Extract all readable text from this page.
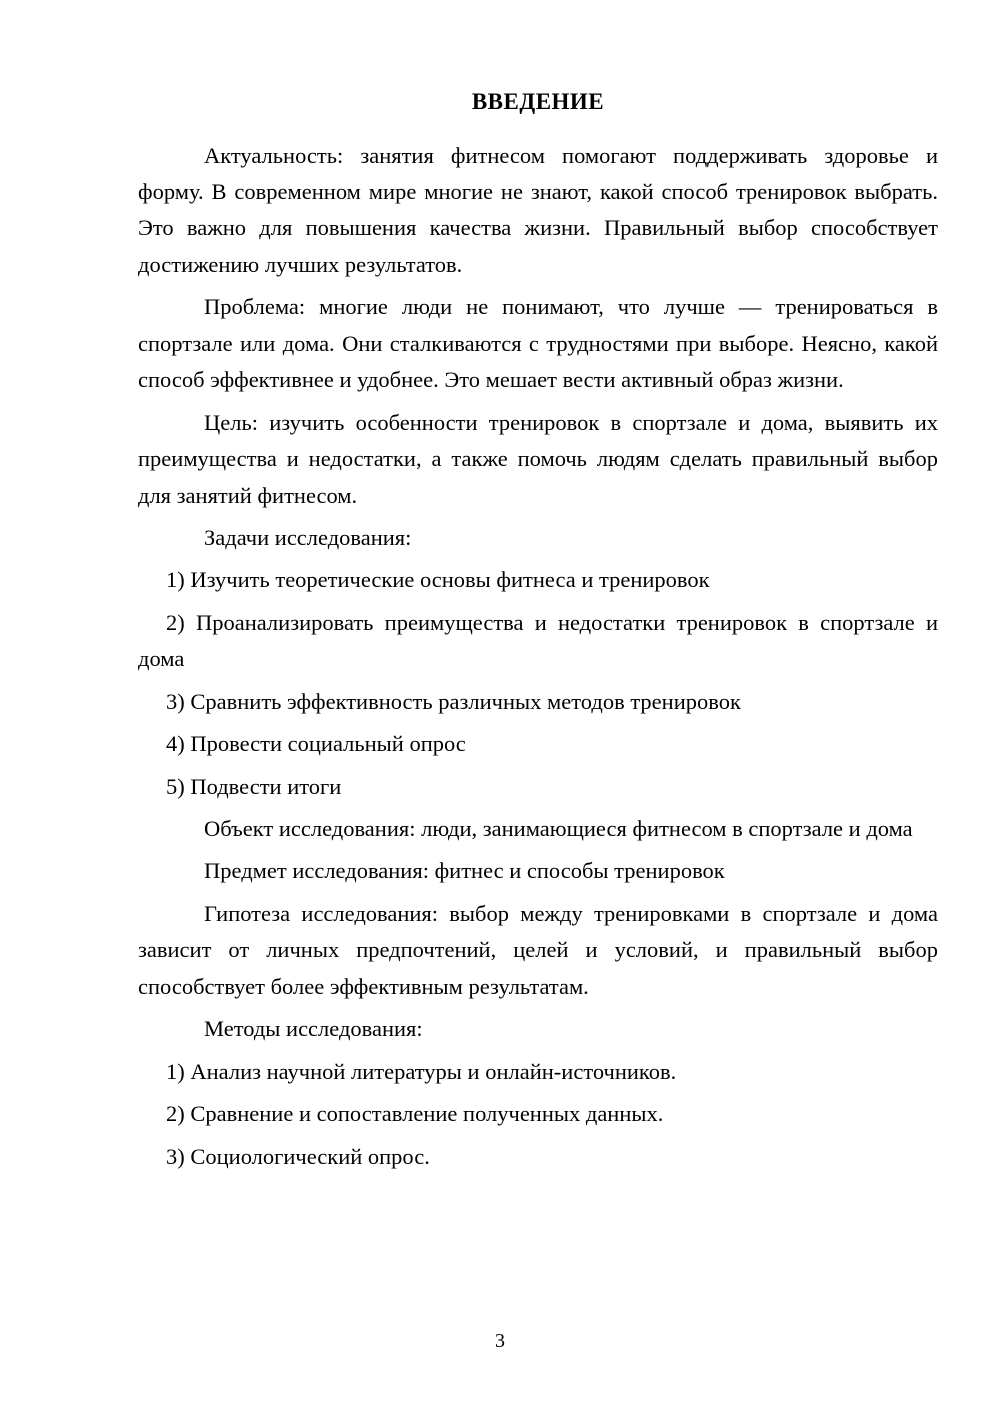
ВВЕДЕНИЕ

Актуальность: занятия фитнесом помогают поддерживать здоровье и форму. В современном мире многие не знают, какой способ тренировок выбрать. Это важно для повышения качества жизни. Правильный выбор способствует достижению лучших результатов.

Проблема: многие люди не понимают, что лучше — тренироваться в спортзале или дома. Они сталкиваются с трудностями при выборе. Неясно, какой способ эффективнее и удобнее. Это мешает вести активный образ жизни.

Цель: изучить особенности тренировок в спортзале и дома, выявить их преимущества и недостатки, а также помочь людям сделать правильный выбор для занятий фитнесом.

Задачи исследования:

1) Изучить теоретические основы фитнеса и тренировок

2) Проанализировать преимущества и недостатки тренировок в спортзале и дома

3) Сравнить эффективность различных методов тренировок

4) Провести социальный опрос

5) Подвести итоги

Объект исследования: люди, занимающиеся фитнесом в спортзале и дома

Предмет исследования: фитнес и способы тренировок

Гипотеза исследования: выбор между тренировками в спортзале и дома зависит от личных предпочтений, целей и условий, и правильный выбор способствует более эффективным результатам.

Методы исследования:

1) Анализ научной литературы и онлайн-источников.

2) Сравнение и сопоставление полученных данных.

3) Социологический опрос.

3
